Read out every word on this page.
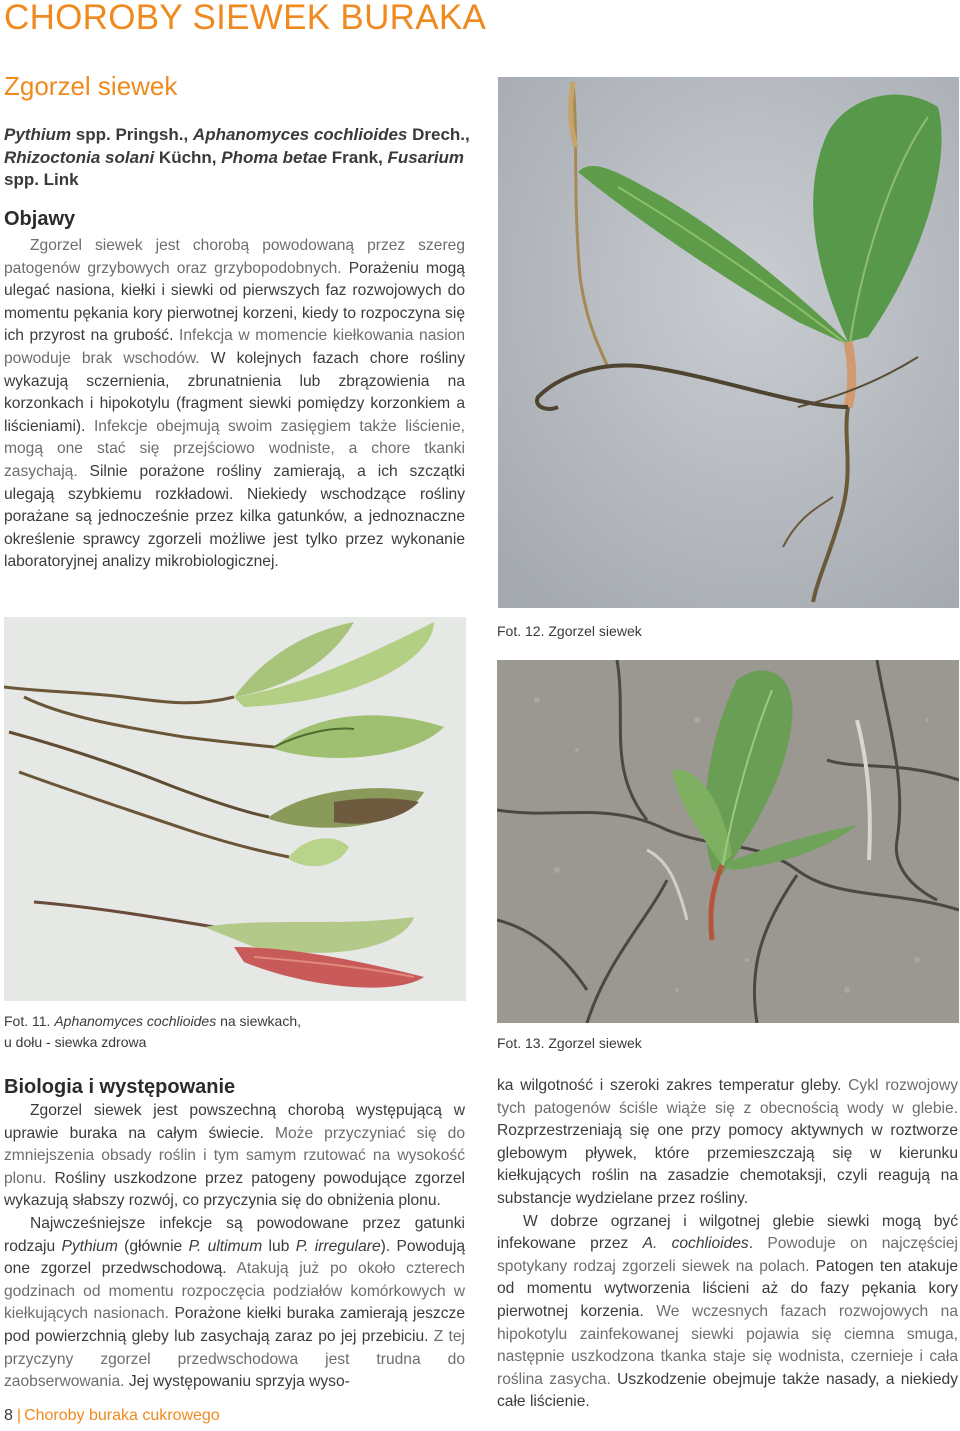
CHOROBY SIEWEK BURAKA
Zgorzel siewek
Pythium spp. Pringsh., Aphanomyces cochlioides Drech., Rhizoctonia solani Küchn, Phoma betae Frank, Fusarium spp. Link
Objawy

Zgorzel siewek jest chorobą powodowaną przez szereg patogenów grzybowych oraz grzybopodobnych. Porażeniu mogą ulegać nasiona, kiełki i siewki od pierwszych faz rozwojowych do momentu pękania kory pierwotnej korzeni, kiedy to rozpoczyna się ich przyrost na grubość. Infekcja w momencie kiełkowania nasion powoduje brak wschodów. W kolejnych fazach chore rośliny wykazują sczernienia, zbrunatnienia lub zbrązowienia na korzonkach i hipokotylu (fragment siewki pomiędzy korzonkiem a liścieniami). Infekcje obejmują swoim zasięgiem także liścienie, mogą one stać się przejściowo wodniste, a chore tkanki zasychają. Silnie porażone rośliny zamierają, a ich szczątki ulegają szybkiemu rozkładowi. Niekiedy wschodzące rośliny porażane są jednocześnie przez kilka gatunków, a jednoznaczne określenie sprawcy zgorzeli możliwe jest tylko przez wykonanie laboratoryjnej analizy mikrobiologicznej.

Fot. 12. Zgorzel siewek
Fot. 11. Aphanomyces cochlioides na siewkach,
u dołu - siewka zdrowa	Fot. 13. Zgorzel siewek
Biologia i występowanie

Zgorzel siewek jest powszechną chorobą występującą w uprawie buraka na całym świecie. Może przyczyniać się do zmniejszenia obsady roślin i tym samym rzutować na wysokość plonu. Rośliny uszkodzone przez patogeny powodujące zgorzel wykazują słabszy rozwój, co przyczynia się do obniżenia plonu.

Najwcześniejsze infekcje są powodowane przez gatunki rodzaju Pythium (głównie P. ultimum lub P. irregulare). Powodują one zgorzel przedwschodową. Atakują już po około czterech godzinach od momentu rozpoczęcia podziałów komórkowych w kiełkujących nasionach. Porażone kiełki buraka zamierają jeszcze pod powierzchnią gleby lub zasychają zaraz po jej przebiciu. Z tej przyczyny zgorzel przedwschodowa jest trudna do zaobserwowania. Jej występowaniu sprzyja wyso-

ka wilgotność i szeroki zakres temperatur gleby. Cykl rozwojowy tych patogenów ściśle wiąże się z obecnością wody w glebie. Rozprzestrzeniają się one przy pomocy aktywnych w roztworze glebowym pływek, które przemieszczają się w kierunku kiełkujących roślin na zasadzie chemotaksji, czyli reagują na substancje wydzielane przez rośliny.

W dobrze ogrzanej i wilgotnej glebie siewki mogą być infekowane przez A. cochlioides. Powoduje on najczęściej spotykany rodzaj zgorzeli siewek na polach. Patogen ten atakuje od momentu wytworzenia liścieni aż do fazy pękania kory pierwotnej korzenia. We wczesnych fazach rozwojowych na hipokotylu zainfekowanej siewki pojawia się ciemna smuga, następnie uszkodzona tkanka staje się wodnista, czernieje i cała roślina zasycha. Uszkodzenie obejmuje także nasady, a niekiedy całe liścienie.

8 | Choroby buraka cukrowego
